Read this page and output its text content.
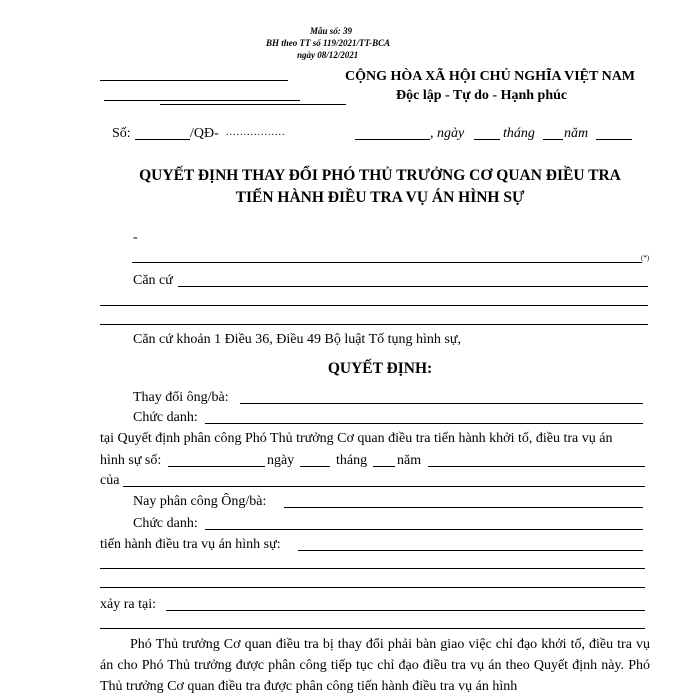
Mẫu số: 39
BH theo TT số 119/2021/TT-BCA
ngày 08/12/2021
CỘNG HÒA XÃ HỘI CHỦ NGHĨA VIỆT NAM
Độc lập - Tự do - Hạnh phúc
Số:	/QĐ- .................	, ngày	tháng năm
QUYẾT ĐỊNH THAY ĐỔI PHÓ THỦ TRƯỞNG CƠ QUAN ĐIỀU TRA
TIẾN HÀNH ĐIỀU TRA VỤ ÁN HÌNH SỰ
-
(*)
Căn cứ
Căn cứ khoản 1 Điều 36, Điều 49 Bộ luật Tố tụng hình sự,
QUYẾT ĐỊNH:
Thay đổi ông/bà:
Chức danh:
tại Quyết định phân công Phó Thủ trưởng Cơ quan điều tra tiến hành khởi tố, điều tra vụ án
hình sự số:	ngày	tháng năm
của
Nay phân công Ông/bà:
Chức danh:
tiến hành điều tra vụ án hình sự:
xảy ra tại:
Phó Thủ trưởng Cơ quan điều tra bị thay đổi phải bàn giao việc chỉ đạo khởi tố, điều tra vụ án cho Phó Thủ trưởng được phân công tiếp tục chỉ đạo điều tra vụ án theo Quyết định này. Phó Thủ trưởng Cơ quan điều tra được phân công tiến hành điều tra vụ án hình
